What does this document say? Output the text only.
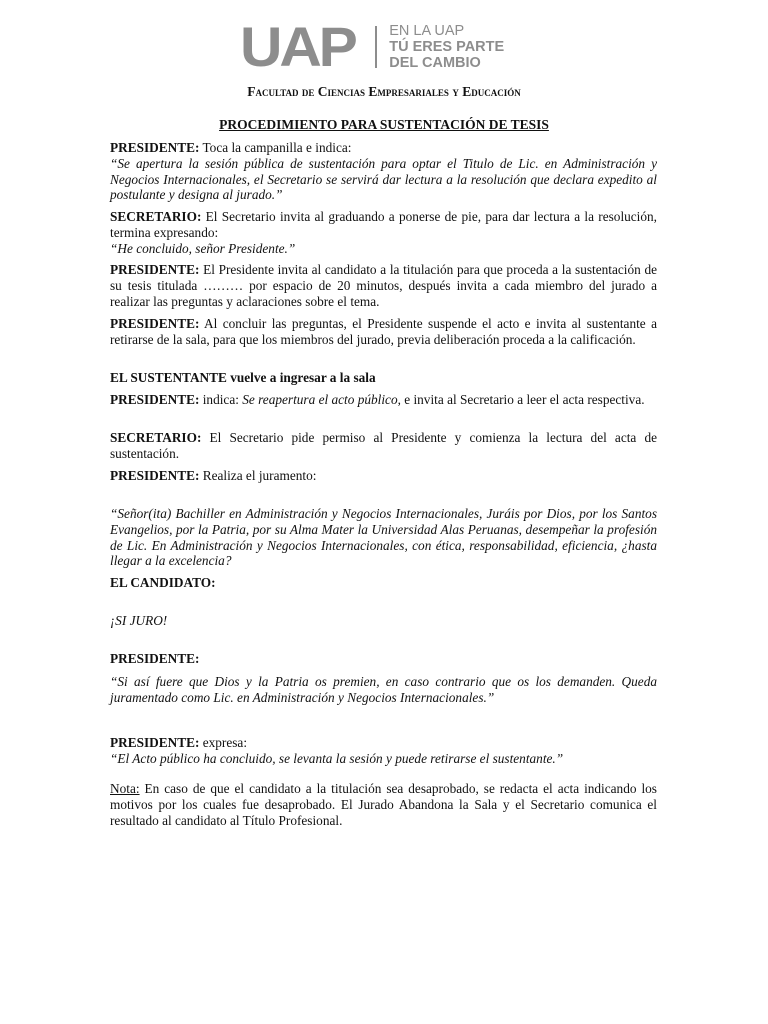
UAP EN LA UAP
TÚ ERES PARTE
DEL CAMBIO
Facultad de Ciencias Empresariales y Educación
PROCEDIMIENTO PARA SUSTENTACIÓN DE TESIS

PRESIDENTE: Toca la campanilla e indica:

“Se apertura la sesión pública de sustentación para optar el Titulo de Lic. en Administración y Negocios Internacionales, el Secretario se servirá dar lectura a la resolución que declara expedito al postulante y designa al jurado.”

SECRETARIO: El Secretario invita al graduando a ponerse de pie, para dar lectura a la resolución, termina expresando:

“He concluido, señor Presidente.”

PRESIDENTE: El Presidente invita al candidato a la titulación para que proceda a la sustentación de su tesis titulada ……… por espacio de 20 minutos, después invita a cada miembro del jurado a realizar las preguntas y aclaraciones sobre el tema.

PRESIDENTE: Al concluir las preguntas, el Presidente suspende el acto e invita al sustentante a retirarse de la sala, para que los miembros del jurado, previa deliberación proceda a la calificación.

EL SUSTENTANTE vuelve a ingresar a la sala

PRESIDENTE: indica: Se reapertura el acto público, e invita al Secretario a leer el acta respectiva.

SECRETARIO: El Secretario pide permiso al Presidente y comienza la lectura del acta de sustentación.

PRESIDENTE: Realiza el juramento:

“Señor(ita) Bachiller en Administración y Negocios Internacionales, Juráis por Dios, por los Santos Evangelios, por la Patria, por su Alma Mater la Universidad Alas Peruanas, desempeñar la profesión de Lic. En Administración y Negocios Internacionales, con ética, responsabilidad, eficiencia, ¿hasta llegar a la excelencia?

EL CANDIDATO:

¡SI JURO!

PRESIDENTE:

“Si así fuere que Dios y la Patria os premien, en caso contrario que os los demanden. Queda juramentado como Lic. en Administración y Negocios Internacionales.”

PRESIDENTE: expresa:

“El Acto público ha concluido, se levanta la sesión y puede retirarse el sustentante.”

Nota: En caso de que el candidato a la titulación sea desaprobado, se redacta el acta indicando los motivos por los cuales fue desaprobado. El Jurado Abandona la Sala y el Secretario comunica el resultado al candidato al Título Profesional.
